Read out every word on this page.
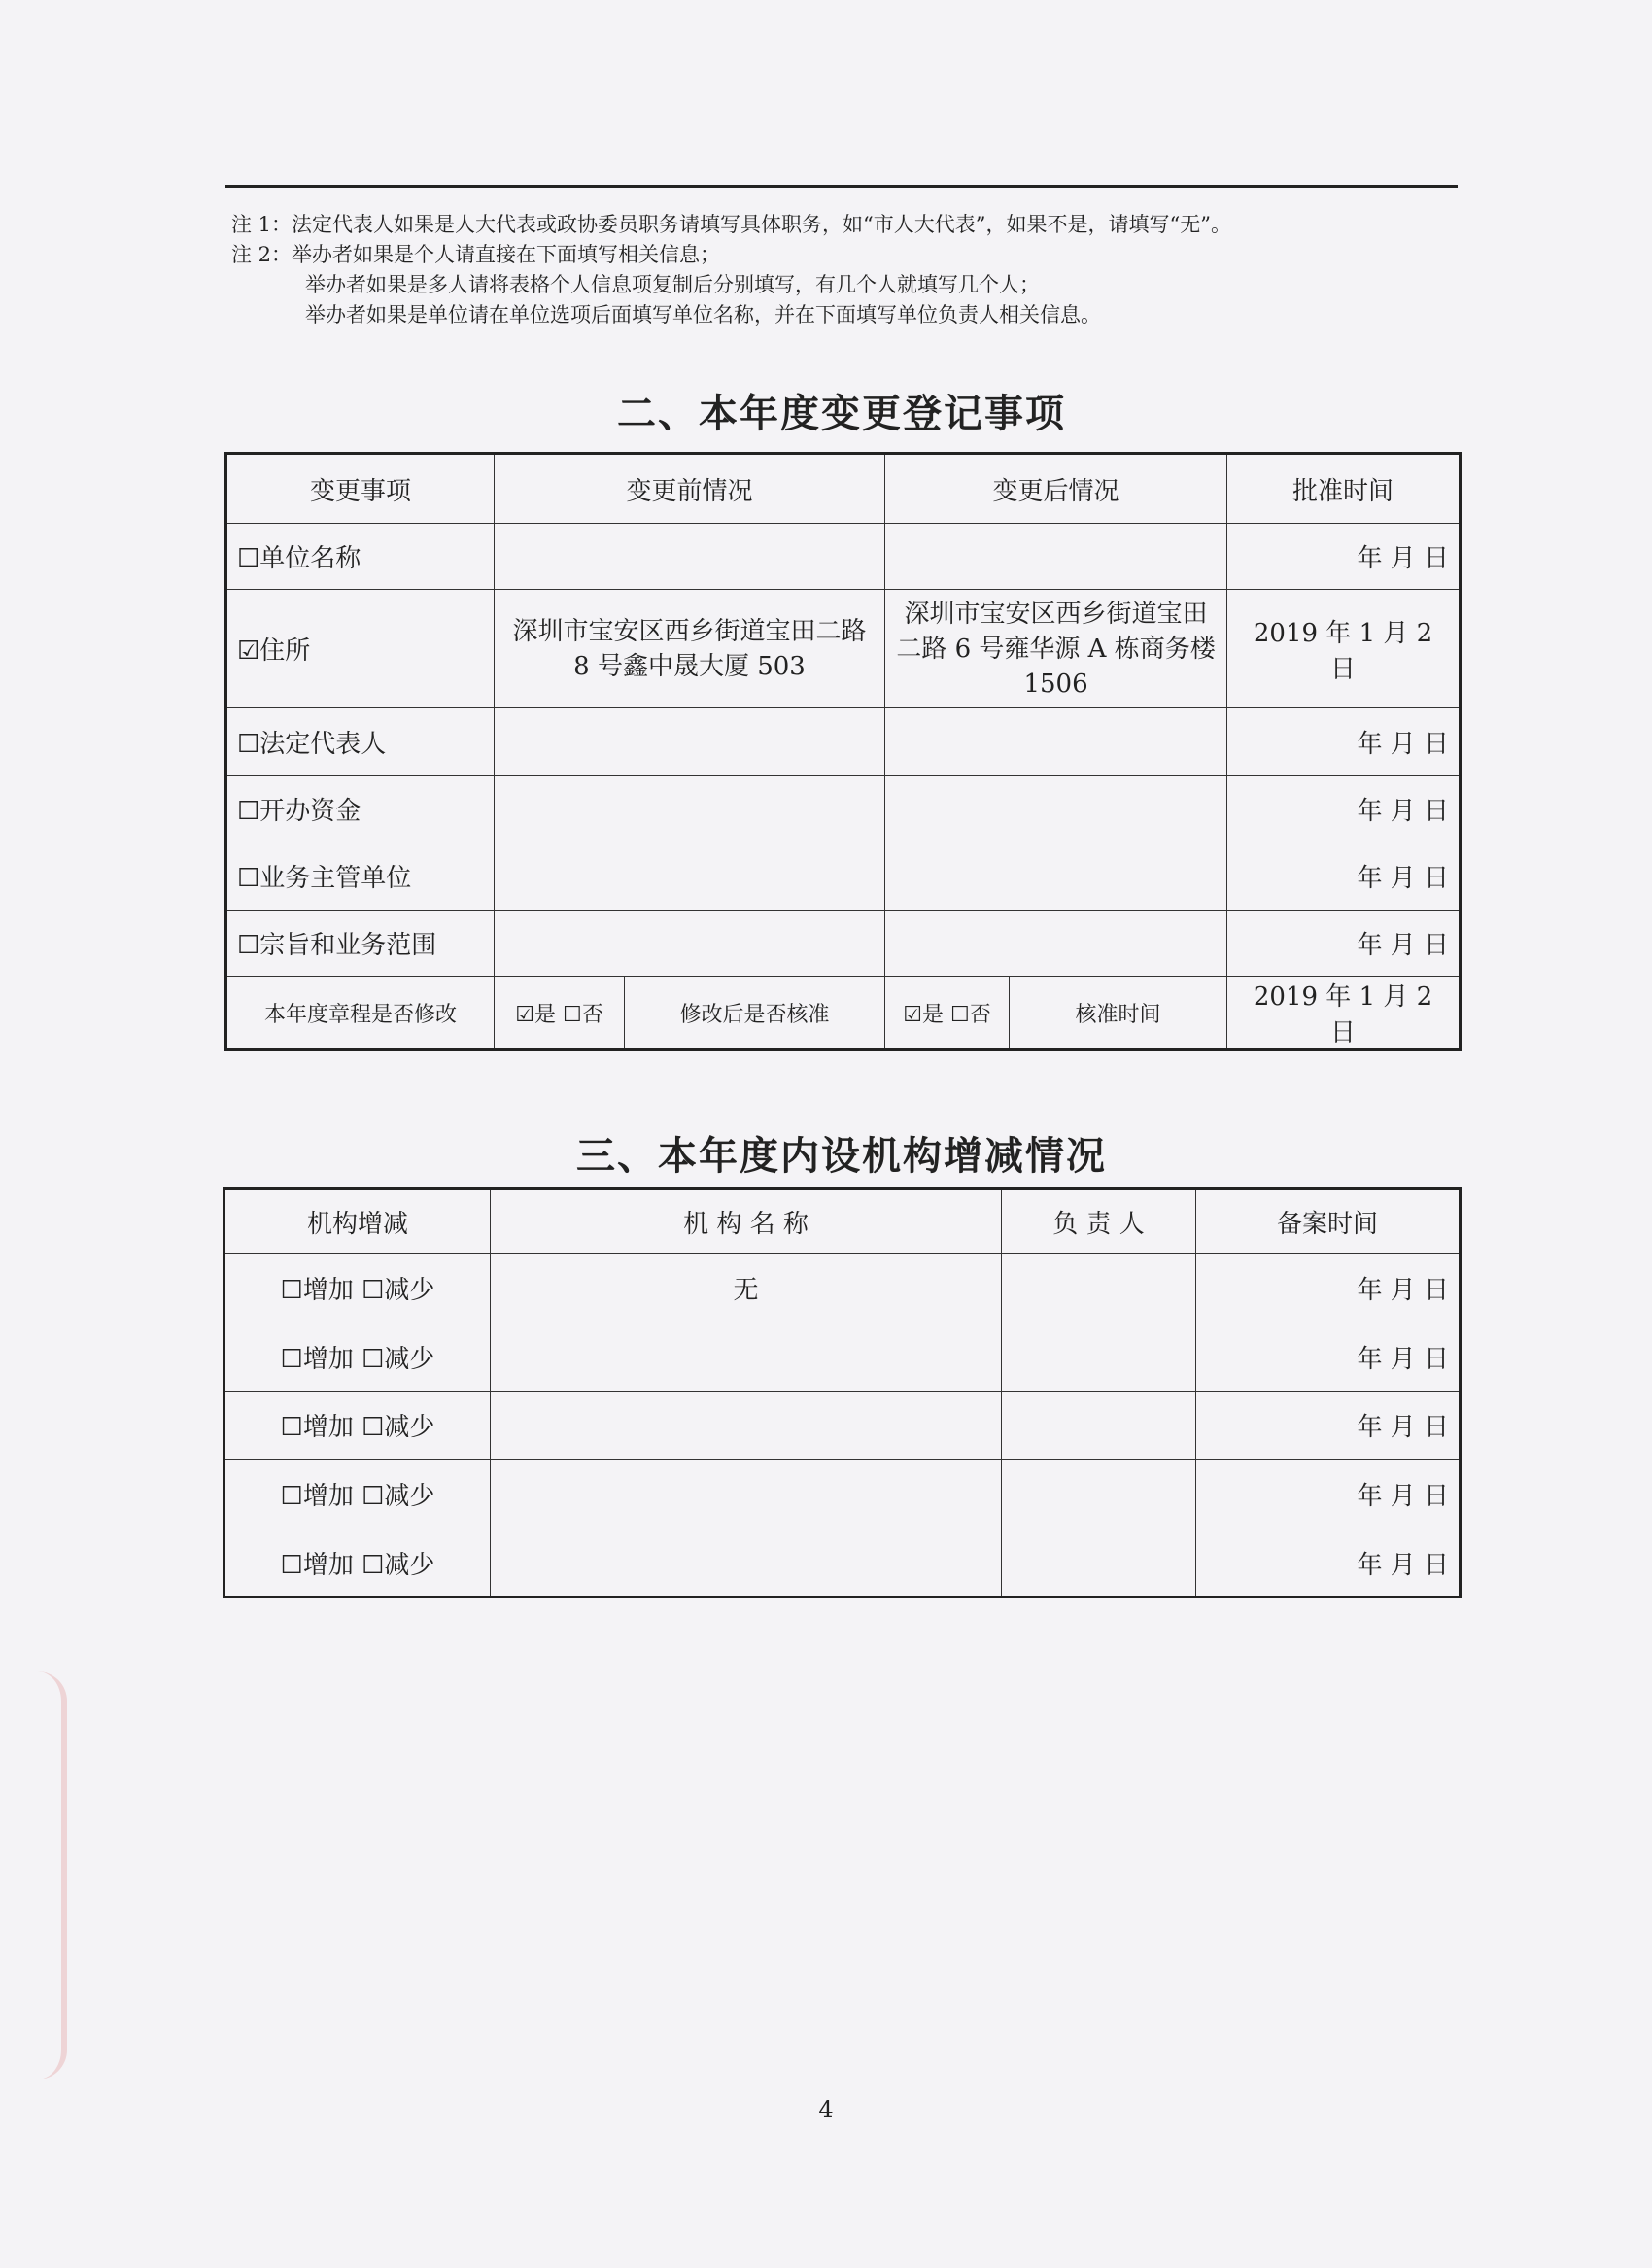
注 1：法定代表人如果是人大代表或政协委员职务请填写具体职务，如“市人大代表”，如果不是，请填写“无”。
注 2：举办者如果是个人请直接在下面填写相关信息；
举办者如果是多人请将表格个人信息项复制后分别填写，有几个人就填写几个人；
举办者如果是单位请在单位选项后面填写单位名称，并在下面填写单位负责人相关信息。
二、本年度变更登记事项
变更事项	变更前情况		变更后情况		批准时间
☐单位名称					年 月 日
☑住所	深圳市宝安区西乡街道宝田二路 8 号鑫中晟大厦 503		深圳市宝安区西乡街道宝田二路 6 号雍华源 A 栋商务楼 1506		2019 年 1 月 2 日
☐法定代表人					年 月 日
☐开办资金					年 月 日
☐业务主管单位					年 月 日
☐宗旨和业务范围					年 月 日
本年度章程是否修改	☑是 ☐否	修改后是否核准	☑是 ☐否	核准时间	2019 年 1 月 2 日
三、本年度内设机构增减情况
机构增减	机 构 名 称	负 责 人	备案时间
☐增加 ☐减少	无		年 月 日
☐增加 ☐减少			年 月 日
☐增加 ☐减少			年 月 日
☐增加 ☐减少			年 月 日
☐增加 ☐减少			年 月 日
4
